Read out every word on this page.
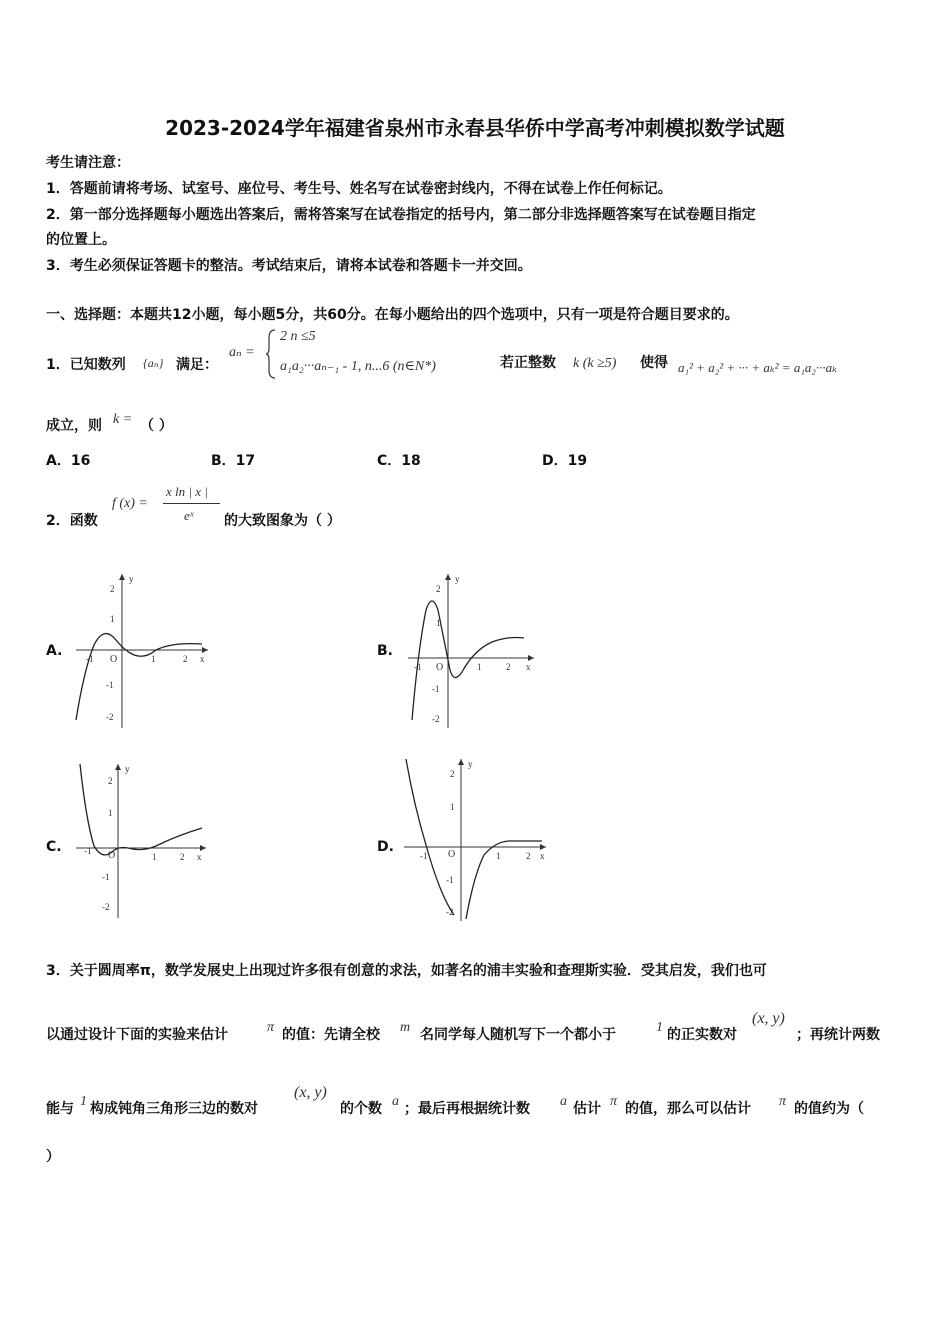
2023-2024学年福建省泉州市永春县华侨中学高考冲刺模拟数学试题
考生请注意：
1．答题前请将考场、试室号、座位号、考生号、姓名写在试卷密封线内，不得在试卷上作任何标记。
2．第一部分选择题每小题选出答案后，需将答案写在试卷指定的括号内，第二部分非选择题答案写在试卷题目指定
的位置上。
3．考生必须保证答题卡的整洁。考试结束后，请将本试卷和答题卡一并交回。
一、选择题：本题共12小题，每小题5分，共60分。在每小题给出的四个选项中，只有一项是符合题目要求的。
1．已知数列 {aₙ} 满足：
aₙ =
2 n ≤5
a₁a₂···aₙ₋₁ - 1, n...6 (n∈N*)	若正整数 k (k ≥5) 使得 a₁² + a₂² + ··· + aₖ² = a₁a₂···aₖ
成立，则 k = （ ）
A．16	B．17	C．18	D．19
2．函数
f (x) =
x ln | x |
eˣ 的大致图象为（ ）
A.
y
x
O
2
1
-1
-2
-1	1	2	B.
y
x
O
2
1
-1
-2
-1	1	2
C.
y
x
O
2
1
-1
-2
-1
1	2
D.
y
x
O
2
1
-1
-2
-1	1	2
3．关于圆周率π，数学发展史上出现过许多很有创意的求法，如著名的浦丰实验和查理斯实验．受其启发，我们也可
以通过设计下面的实验来估计	π 的值：先请全校 m 名同学每人随机写下一个都小于	1 的正实数对
(x, y)
；再统计两数
能与 1 构成钝角三角形三边的数对
(x, y)
的个数 a ；最后再根据统计数 a 估计 π 的值，那么可以估计 π 的值约为（
）
